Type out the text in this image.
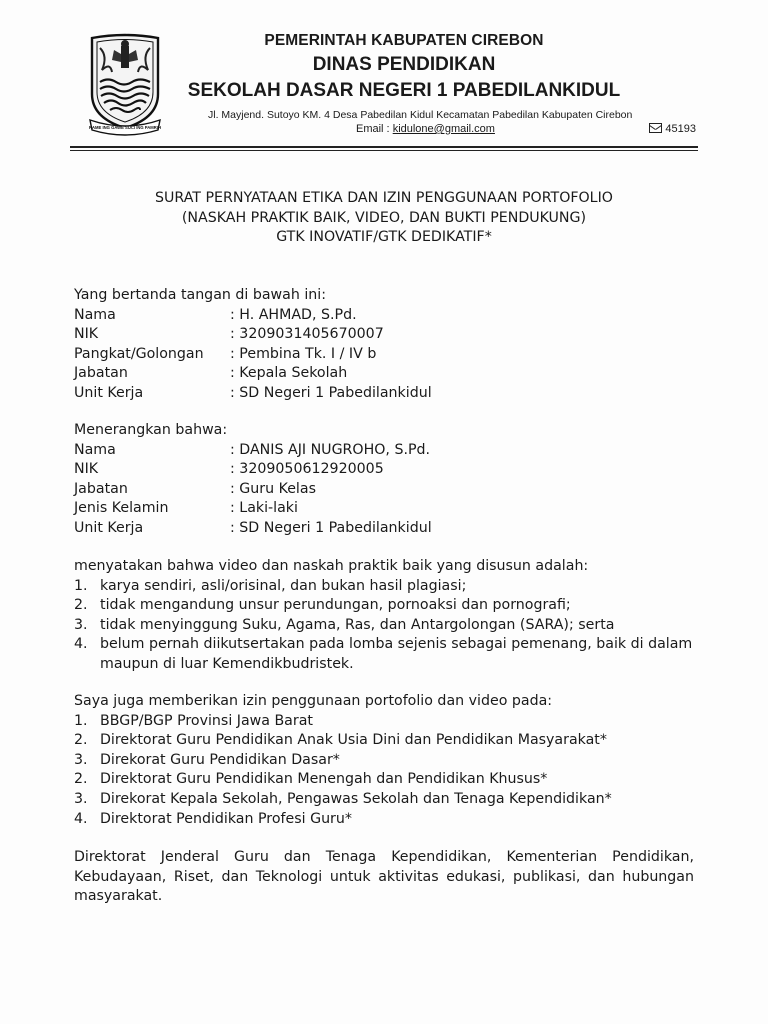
RAME ING GAWE SUCI ING PAMRIH
PEMERINTAH KABUPATEN CIREBON
DINAS PENDIDIKAN
SEKOLAH DASAR NEGERI 1 PABEDILANKIDUL
Jl. Mayjend. Sutoyo KM. 4 Desa Pabedilan Kidul Kecamatan Pabedilan Kabupaten Cirebon
Email : kidulone@gmail.com	45193
SURAT PERNYATAAN ETIKA DAN IZIN PENGGUNAAN PORTOFOLIO
(NASKAH PRAKTIK BAIK, VIDEO, DAN BUKTI PENDUKUNG)
GTK INOVATIF/GTK DEDIKATIF*
Yang bertanda tangan di bawah ini:
Nama	: H. AHMAD, S.Pd.
NIK	: 3209031405670007
Pangkat/Golongan : Pembina Tk. I / IV b
Jabatan	: Kepala Sekolah
Unit Kerja	: SD Negeri 1 Pabedilankidul
Menerangkan bahwa:
Nama	: DANIS AJI NUGROHO, S.Pd.
NIK	: 3209050612920005
Jabatan	: Guru Kelas
Jenis Kelamin	: Laki-laki
Unit Kerja	: SD Negeri 1 Pabedilankidul
menyatakan bahwa video dan naskah praktik baik yang disusun adalah:
1. karya sendiri, asli/orisinal, dan bukan hasil plagiasi;
2. tidak mengandung unsur perundungan, pornoaksi dan pornografi;
3. tidak menyinggung Suku, Agama, Ras, dan Antargolongan (SARA); serta
4. belum pernah diikutsertakan pada lomba sejenis sebagai pemenang, baik di dalam maupun di luar Kemendikbudristek.
Saya juga memberikan izin penggunaan portofolio dan video pada:
1. BBGP/BGP Provinsi Jawa Barat
2. Direktorat Guru Pendidikan Anak Usia Dini dan Pendidikan Masyarakat*
3. Direkorat Guru Pendidikan Dasar*
2. Direktorat Guru Pendidikan Menengah dan Pendidikan Khusus*
3. Direkorat Kepala Sekolah, Pengawas Sekolah dan Tenaga Kependidikan*
4. Direktorat Pendidikan Profesi Guru*
Direktorat Jenderal Guru dan Tenaga Kependidikan, Kementerian Pendidikan, Kebudayaan, Riset, dan Teknologi untuk aktivitas edukasi, publikasi, dan hubungan masyarakat.
